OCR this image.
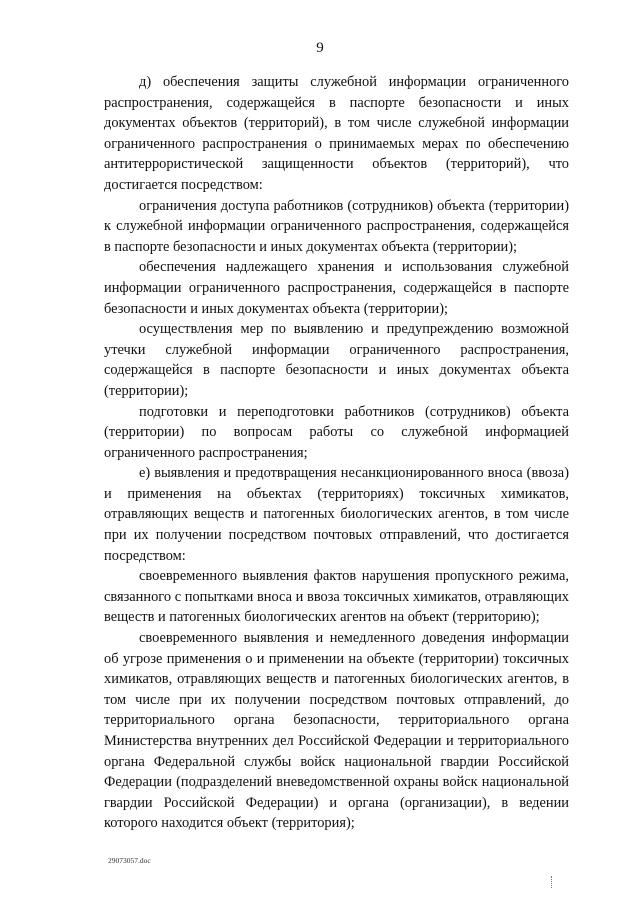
9

д) обеспечения защиты служебной информации ограниченного распространения, содержащейся в паспорте безопасности и иных документах объектов (территорий), в том числе служебной информации ограниченного распространения о принимаемых мерах по обеспечению антитеррористической защищенности объектов (территорий), что достигается посредством:

ограничения доступа работников (сотрудников) объекта (территории) к служебной информации ограниченного распространения, содержащейся в паспорте безопасности и иных документах объекта (территории);

обеспечения надлежащего хранения и использования служебной информации ограниченного распространения, содержащейся в паспорте безопасности и иных документах объекта (территории);

осуществления мер по выявлению и предупреждению возможной утечки служебной информации ограниченного распространения, содержащейся в паспорте безопасности и иных документах объекта (территории);

подготовки и переподготовки работников (сотрудников) объекта (территории) по вопросам работы со служебной информацией ограниченного распространения;

е) выявления и предотвращения несанкционированного вноса (ввоза) и применения на объектах (территориях) токсичных химикатов, отравляющих веществ и патогенных биологических агентов, в том числе при их получении посредством почтовых отправлений, что достигается посредством:

своевременного выявления фактов нарушения пропускного режима, связанного с попытками вноса и ввоза токсичных химикатов, отравляющих веществ и патогенных биологических агентов на объект (территорию);

своевременного выявления и немедленного доведения информации об угрозе применения о и применении на объекте (территории) токсичных химикатов, отравляющих веществ и патогенных биологических агентов, в том числе при их получении посредством почтовых отправлений, до территориального органа безопасности, территориального органа Министерства внутренних дел Российской Федерации и территориального органа Федеральной службы войск национальной гвардии Российской Федерации (подразделений вневедомственной охраны войск национальной гвардии Российской Федерации) и органа (организации), в ведении которого находится объект (территория);

29073057.doc
